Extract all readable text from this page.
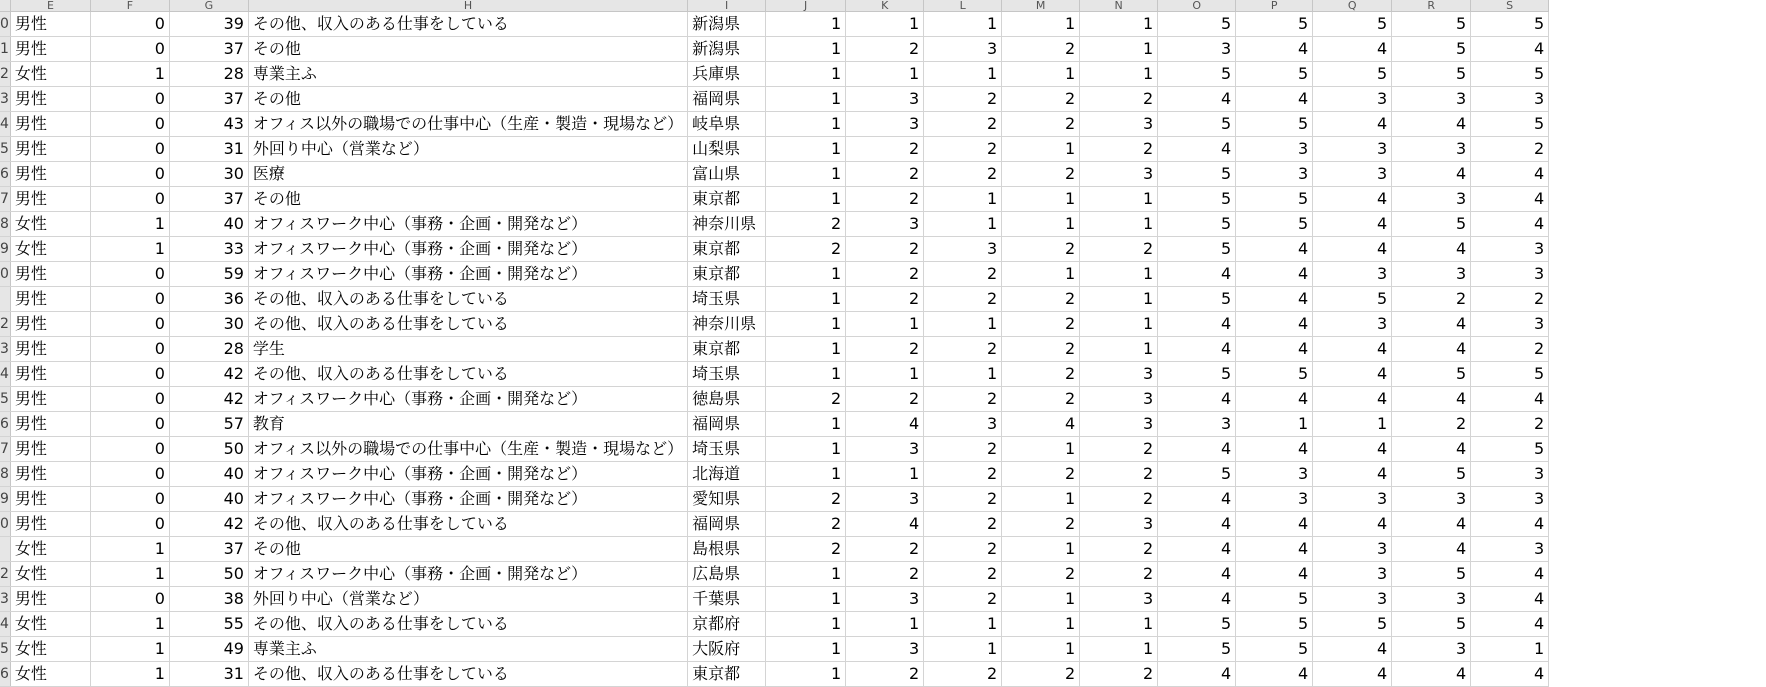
	E	F	G	H	I	J	K	L	M	N	O	P	Q	R	S
0	男性	0	39	その他、収入のある仕事をしている	新潟県	1	1	1	1	1	5	5	5	5	5
1	男性	0	37	その他	新潟県	1	2	3	2	1	3	4	4	5	4
2	女性	1	28	専業主ふ	兵庫県	1	1	1	1	1	5	5	5	5	5
3	男性	0	37	その他	福岡県	1	3	2	2	2	4	4	3	3	3
4	男性	0	43	オフィス以外の職場での仕事中心（生産・製造・現場など）	岐阜県	1	3	2	2	3	5	5	4	4	5
5	男性	0	31	外回り中心（営業など）	山梨県	1	2	2	1	2	4	3	3	3	2
6	男性	0	30	医療	富山県	1	2	2	2	3	5	3	3	4	4
7	男性	0	37	その他	東京都	1	2	1	1	1	5	5	4	3	4
8	女性	1	40	オフィスワーク中心（事務・企画・開発など）	神奈川県	2	3	1	1	1	5	5	4	5	4
9	女性	1	33	オフィスワーク中心（事務・企画・開発など）	東京都	2	2	3	2	2	5	4	4	4	3
0	男性	0	59	オフィスワーク中心（事務・企画・開発など）	東京都	1	2	2	1	1	4	4	3	3	3
	男性	0	36	その他、収入のある仕事をしている	埼玉県	1	2	2	2	1	5	4	5	2	2
2	男性	0	30	その他、収入のある仕事をしている	神奈川県	1	1	1	2	1	4	4	3	4	3
3	男性	0	28	学生	東京都	1	2	2	2	1	4	4	4	4	2
4	男性	0	42	その他、収入のある仕事をしている	埼玉県	1	1	1	2	3	5	5	4	5	5
5	男性	0	42	オフィスワーク中心（事務・企画・開発など）	徳島県	2	2	2	2	3	4	4	4	4	4
6	男性	0	57	教育	福岡県	1	4	3	4	3	3	1	1	2	2
7	男性	0	50	オフィス以外の職場での仕事中心（生産・製造・現場など）	埼玉県	1	3	2	1	2	4	4	4	4	5
8	男性	0	40	オフィスワーク中心（事務・企画・開発など）	北海道	1	1	2	2	2	5	3	4	5	3
9	男性	0	40	オフィスワーク中心（事務・企画・開発など）	愛知県	2	3	2	1	2	4	3	3	3	3
0	男性	0	42	その他、収入のある仕事をしている	福岡県	2	4	2	2	3	4	4	4	4	4
	女性	1	37	その他	島根県	2	2	2	1	2	4	4	3	4	3
2	女性	1	50	オフィスワーク中心（事務・企画・開発など）	広島県	1	2	2	2	2	4	4	3	5	4
3	男性	0	38	外回り中心（営業など）	千葉県	1	3	2	1	3	4	5	3	3	4
4	女性	1	55	その他、収入のある仕事をしている	京都府	1	1	1	1	1	5	5	5	5	4
5	女性	1	49	専業主ふ	大阪府	1	3	1	1	1	5	5	4	3	1
6	女性	1	31	その他、収入のある仕事をしている	東京都	1	2	2	2	2	4	4	4	4	4
